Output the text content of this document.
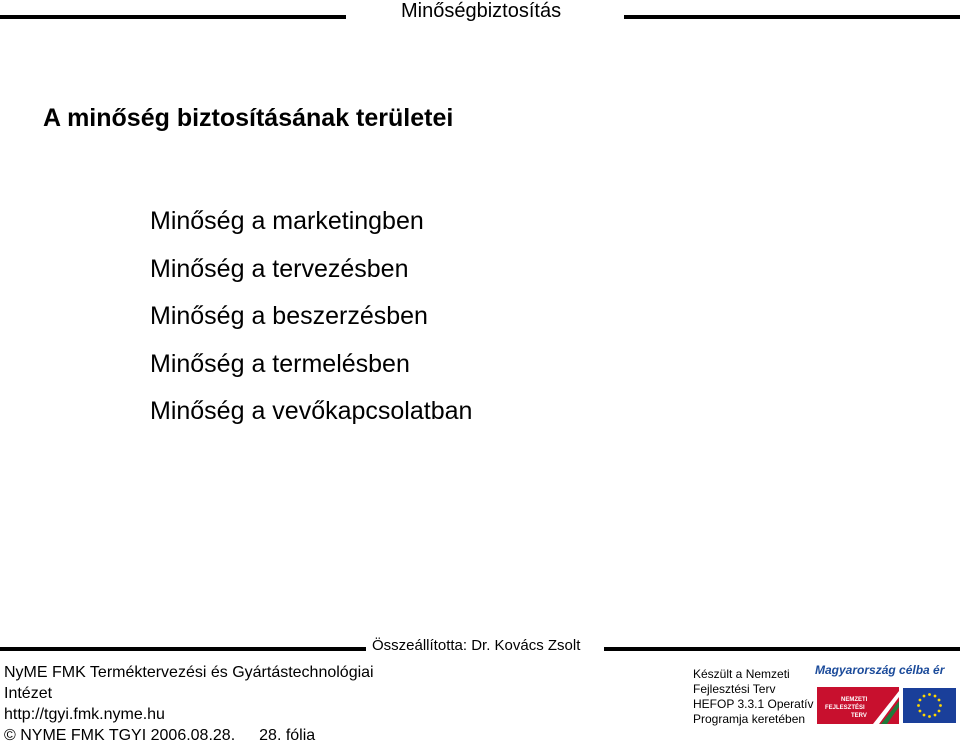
Minőségbiztosítás
A minőség biztosításának területei
Minőség a marketingben
Minőség a tervezésben
Minőség a beszerzésben
Minőség a termelésben
Minőség a vevőkapcsolatban
Összeállította: Dr. Kovács Zsolt
NyME FMK Terméktervezési és Gyártástechnológiai
Intézet
http://tgyi.fmk.nyme.hu
© NYME FMK TGYI 2006.08.28. 28. fólia
Készült a Nemzeti
Fejlesztési Terv
HEFOP 3.3.1 Operatív
Programja keretében
Magyarország célba ér
NEMZETI
FEJLESZTÉSI
TERV
